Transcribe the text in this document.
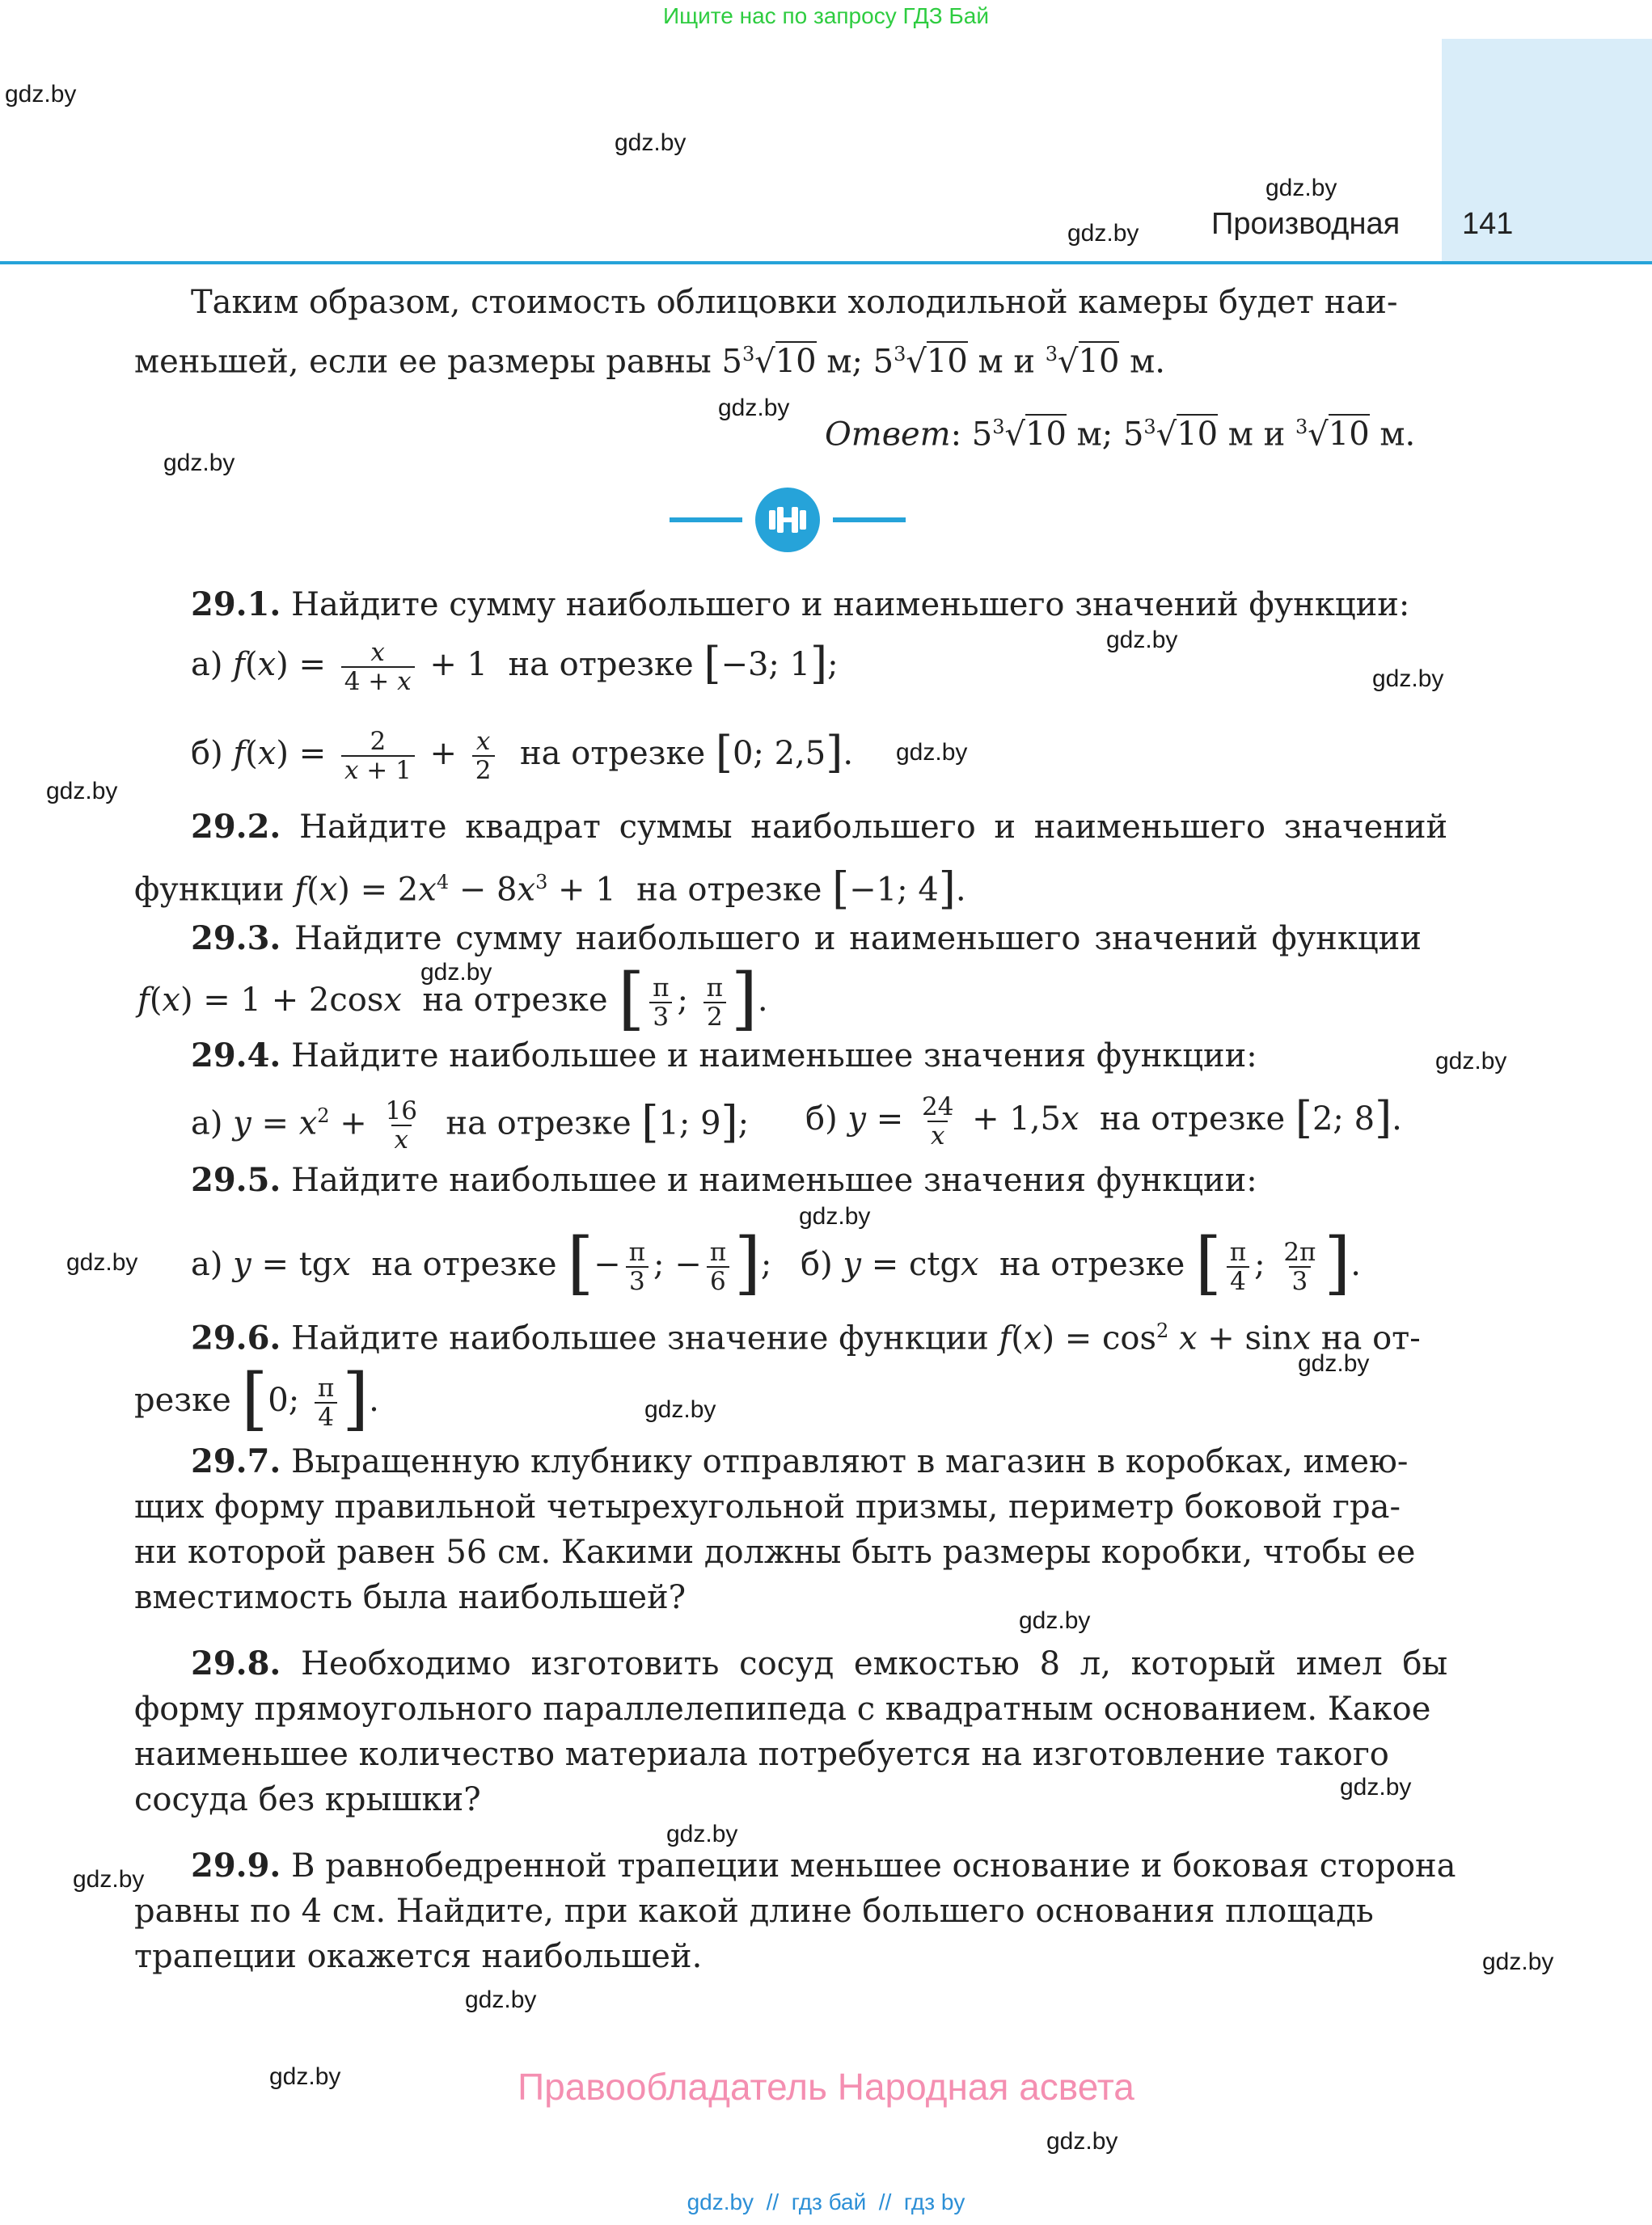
Ищите нас по запросу ГДЗ Бай
Производная 141
gdz.by
gdz.by
gdz.by
gdz.by
gdz.by
gdz.by
gdz.by
gdz.by
gdz.by
gdz.by
gdz.by
gdz.by
gdz.by
gdz.by
gdz.by
gdz.by
gdz.by
gdz.by
gdz.by
gdz.by
gdz.by
gdz.by
gdz.by
gdz.by
Таким образом, стоимость облицовки холодильной камеры будет наи-
меньшей, если ее размеры равны $5^3√10$ м; $5^3√10$ м и $^3$√10 м.
Ответ: $5^3√10$ м; $5^3√10$ м и $^3$√10 м.
29.1. Найдите сумму наибольшего и наименьшего значений функции:
а) $f(x) = \frac{x}{4 + x} + 1$  на отрезке [−3; 1];
б) $f(x) = \frac{2}{x + 1} + \frac{x}{2}$ на отрезке [0; 2,5].
29.2. Найдите квадрат суммы наибольшего и наименьшего значений
функции $f(x) = 2x^4 - 8x^3 + 1$  на отрезке [−1; 4].
29.3. Найдите сумму наибольшего и наименьшего значений функции
f(x) = 1 + 2cosx на отрезке [ $\frac{\pi}{3}$ ; $\frac{\pi}{2}$ ].
29.4. Найдите наибольшее и наименьшее значения функции:
а) $y = x^2 + \frac{16}{x}$ на отрезке [1; 9];	б) $y = \frac{24}{x} + 1,5x$ на отрезке [2; 8].
29.5. Найдите наибольшее и наименьшее значения функции:
а) y = tgx на отрезке [− $\frac{\pi}{3}$ ; − $\frac{\pi}{6}$ ]; б) y = ctgx на отрезке [ $\frac{\pi}{4}$ ; $\frac{2\pi}{3}$ ].
29.6. Найдите наибольшее значение функции $f(x) = \cos^2 x + \sin x$ на от-
резке [0; $\frac{\pi}{4}$ ].
29.7. Выращенную клубнику отправляют в магазин в коробках, имею-
щих форму правильной четырехугольной призмы, периметр боковой гра-
ни которой равен 56 см. Какими должны быть размеры коробки, чтобы ее
вместимость была наибольшей?
29.8. Необходимо изготовить сосуд емкостью 8 л, который имел бы
форму прямоугольного параллелепипеда с квадратным основанием. Какое
наименьшее количество материала потребуется на изготовление такого
сосуда без крышки?
29.9. В равнобедренной трапеции меньшее основание и боковая сторона
равны по 4 см. Найдите, при какой длине большего основания площадь
трапеции окажется наибольшей.
Правообладатель Народная асвета
gdz.by  //  гдз бай  //  гдз by
